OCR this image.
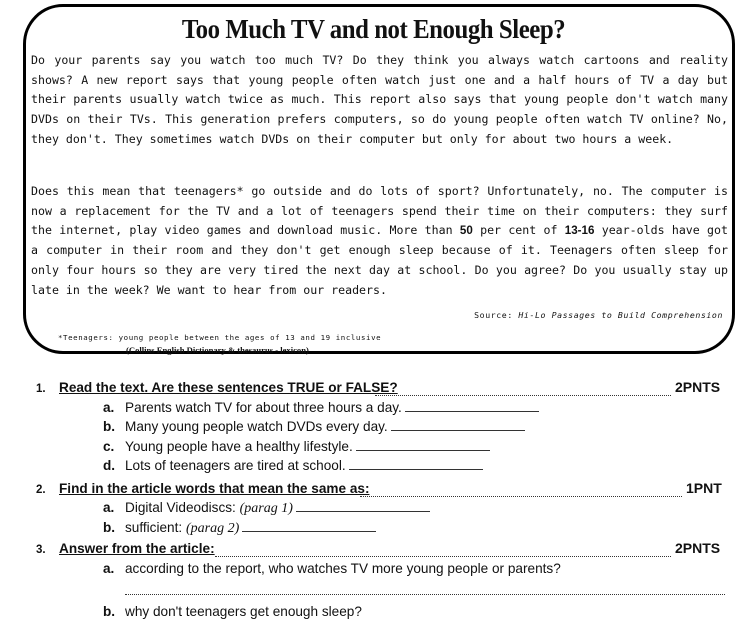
Too Much TV and not Enough Sleep?

Do your parents say you watch too much TV? Do they think you always watch cartoons and reality shows? A new report says that young people often watch just one and a half hours of TV a day but their parents usually watch twice as much. This report also says that young people don't watch many DVDs on their TVs. This generation prefers computers, so do young people often watch TV online? No, they don't. They sometimes watch DVDs on their computer but only for about two hours a week.

Does this mean that teenagers* go outside and do lots of sport? Unfortunately, no. The computer is now a replacement for the TV and a lot of teenagers spend their time on their computers: they surf the internet, play video games and download music. More than 50 per cent of 13-16 year-olds have got a computer in their room and they don't get enough sleep because of it. Teenagers often sleep for only four hours so they are very tired the next day at school. Do you agree? Do you usually stay up late in the week? We want to hear from our readers.

Source: Hi-Lo Passages to Build Comprehension
*Teenagers: young people between the ages of 13 and 19 inclusive
(Collins English Dictionary & thesaurus - lexicon)
1. Read the text. Are these sentences TRUE or FALSE?	2PNTS
a. Parents watch TV for about three hours a day.
b. Many young people watch DVDs every day.
c. Young people have a healthy lifestyle.
d. Lots of teenagers are tired at school.
2. Find in the article words that mean the same as:	1PNT
a. Digital Videodiscs: (parag 1)
b. sufficient: (parag 2)
3. Answer from the article:	2PNTS
a. according to the report, who watches TV more young people or parents?
b. why don't teenagers get enough sleep?
